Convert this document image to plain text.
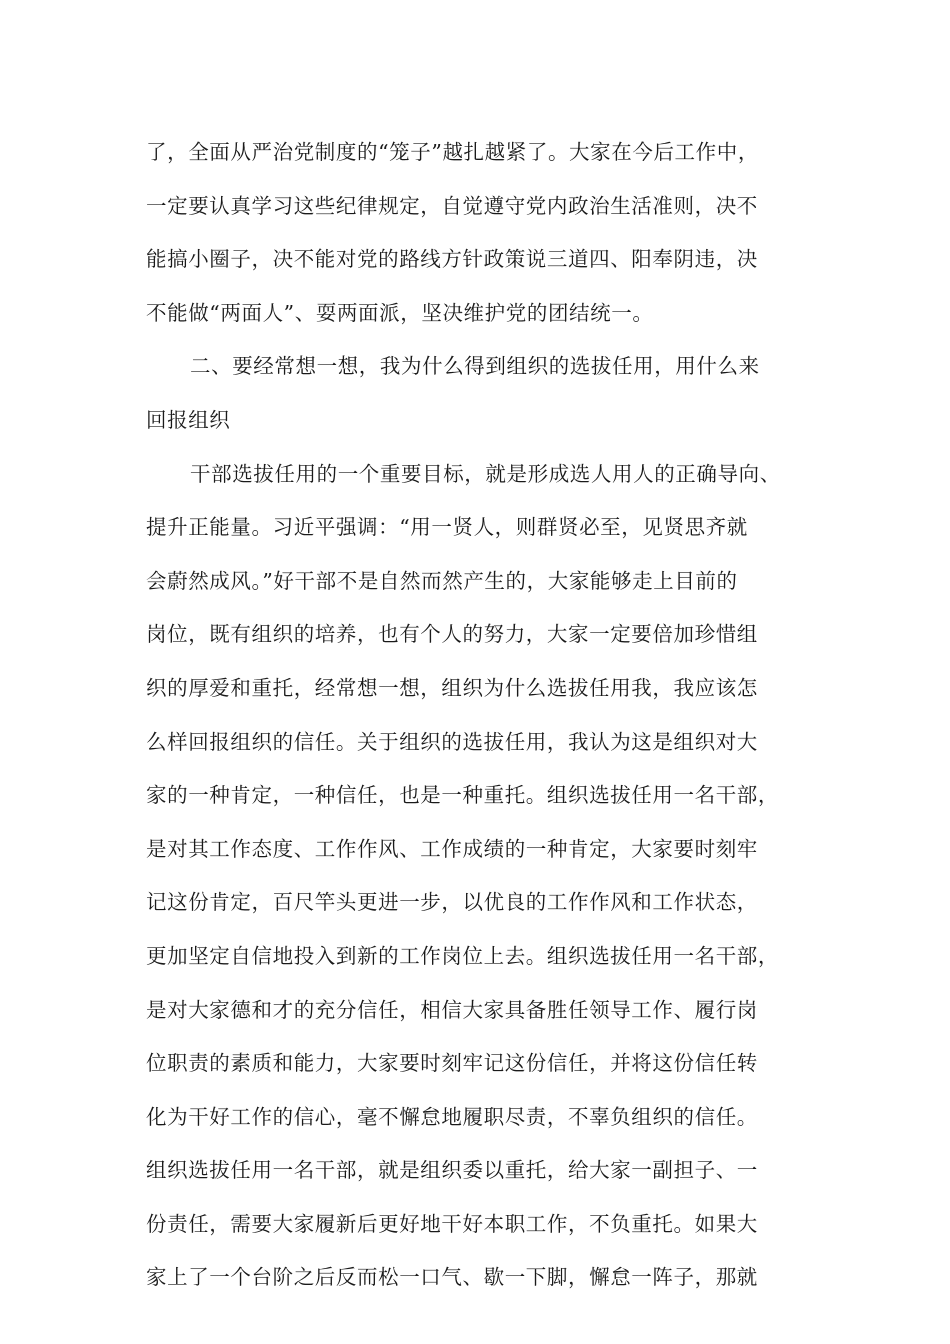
了，全面从严治党制度的“笼子”越扎越紧了。大家在今后工作中，
一定要认真学习这些纪律规定，自觉遵守党内政治生活准则，决不
能搞小圈子，决不能对党的路线方针政策说三道四、阳奉阴违，决
不能做“两面人”、耍两面派，坚决维护党的团结统一。
二、要经常想一想，我为什么得到组织的选拔任用，用什么来
回报组织
干部选拔任用的一个重要目标，就是形成选人用人的正确导向、
提升正能量。习近平强调：“用一贤人，则群贤必至，见贤思齐就
会蔚然成风。”好干部不是自然而然产生的，大家能够走上目前的
岗位，既有组织的培养，也有个人的努力，大家一定要倍加珍惜组
织的厚爱和重托，经常想一想，组织为什么选拔任用我，我应该怎
么样回报组织的信任。关于组织的选拔任用，我认为这是组织对大
家的一种肯定，一种信任，也是一种重托。组织选拔任用一名干部，
是对其工作态度、工作作风、工作成绩的一种肯定，大家要时刻牢
记这份肯定，百尺竿头更进一步，以优良的工作作风和工作状态，
更加坚定自信地投入到新的工作岗位上去。组织选拔任用一名干部，
是对大家德和才的充分信任，相信大家具备胜任领导工作、履行岗
位职责的素质和能力，大家要时刻牢记这份信任，并将这份信任转
化为干好工作的信心，毫不懈怠地履职尽责，不辜负组织的信任。
组织选拔任用一名干部，就是组织委以重托，给大家一副担子、一
份责任，需要大家履新后更好地干好本职工作，不负重托。如果大
家上了一个台阶之后反而松一口气、歇一下脚，懈怠一阵子，那就
